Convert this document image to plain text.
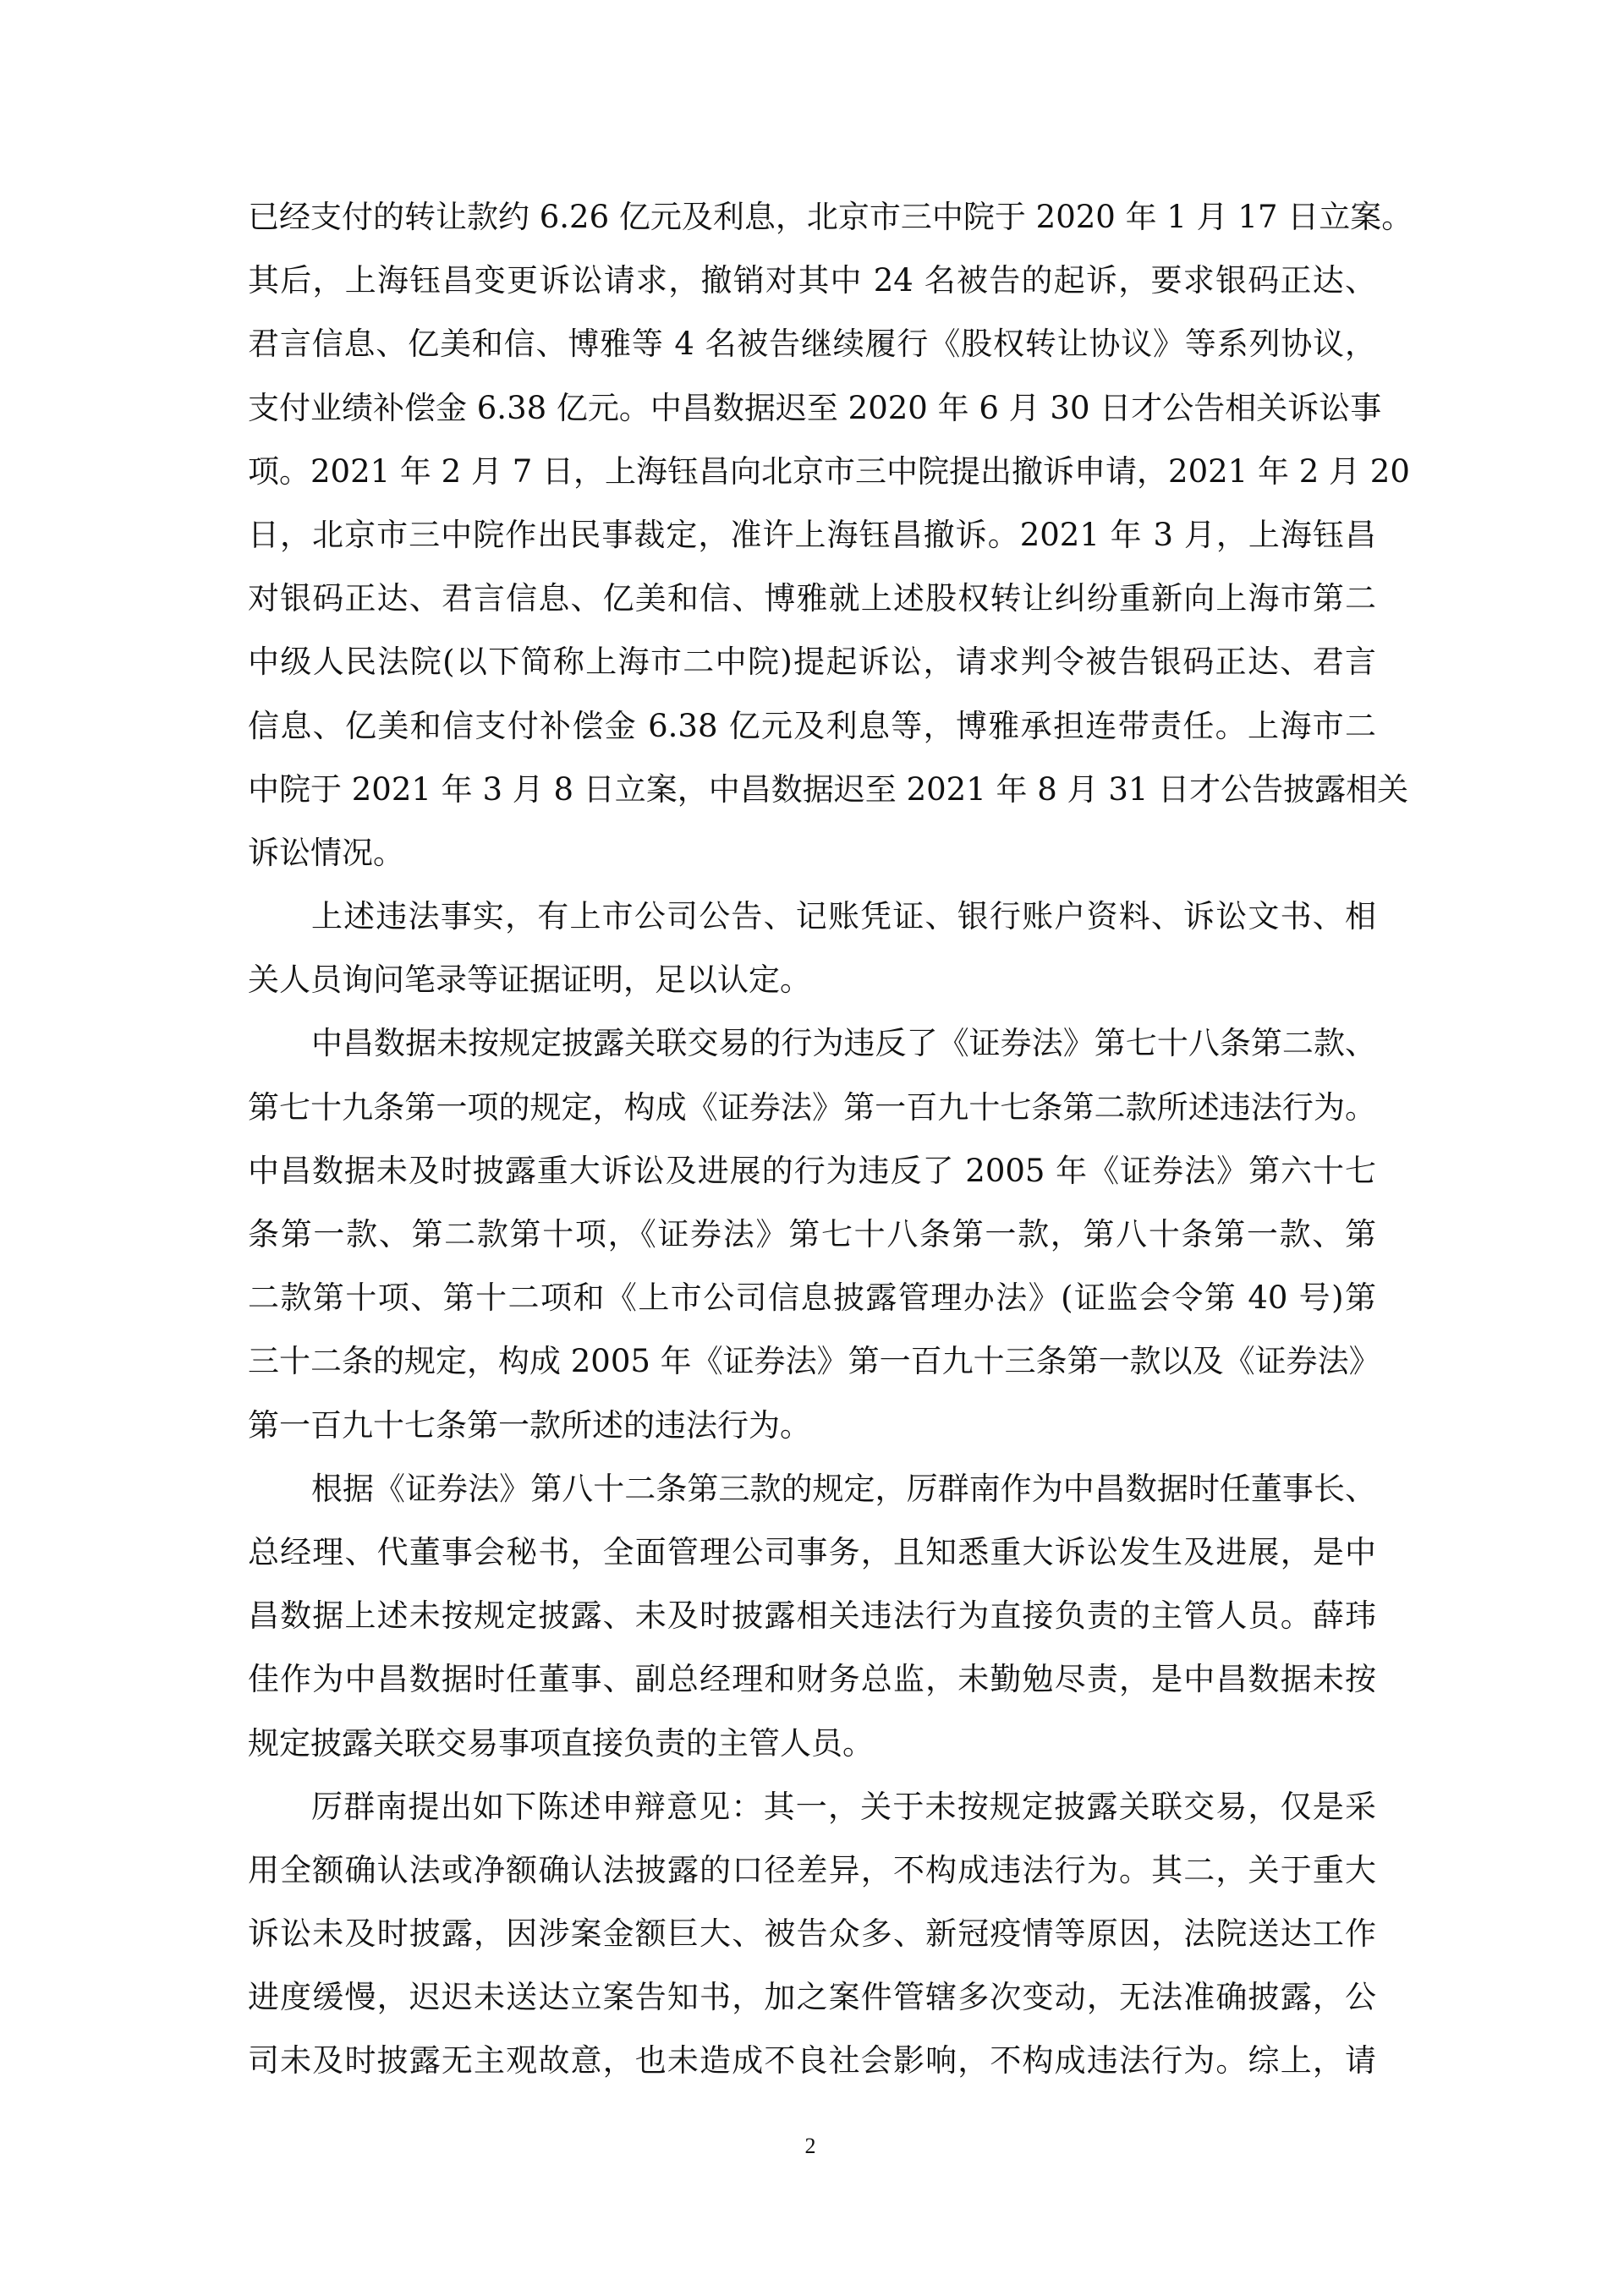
已经支付的转让款约 6.26 亿元及利息，北京市三中院于 2020 年 1 月 17 日立案。
其后，上海钰昌变更诉讼请求，撤销对其中 24 名被告的起诉，要求银码正达、
君言信息、亿美和信、博雅等 4 名被告继续履行《股权转让协议》等系列协议，
支付业绩补偿金 6.38 亿元。中昌数据迟至 2020 年 6 月 30 日才公告相关诉讼事
项。2021 年 2 月 7 日，上海钰昌向北京市三中院提出撤诉申请，2021 年 2 月 20
日，北京市三中院作出民事裁定，准许上海钰昌撤诉。2021 年 3 月，上海钰昌
对银码正达、君言信息、亿美和信、博雅就上述股权转让纠纷重新向上海市第二
中级人民法院(以下简称上海市二中院)提起诉讼，请求判令被告银码正达、君言
信息、亿美和信支付补偿金 6.38 亿元及利息等，博雅承担连带责任。上海市二
中院于 2021 年 3 月 8 日立案，中昌数据迟至 2021 年 8 月 31 日才公告披露相关
诉讼情况。
上述违法事实，有上市公司公告、记账凭证、银行账户资料、诉讼文书、相
关人员询问笔录等证据证明，足以认定。
中昌数据未按规定披露关联交易的行为违反了《证券法》第七十八条第二款、
第七十九条第一项的规定，构成《证券法》第一百九十七条第二款所述违法行为。
中昌数据未及时披露重大诉讼及进展的行为违反了 2005 年《证券法》第六十七
条第一款、第二款第十项，《证券法》第七十八条第一款，第八十条第一款、第
二款第十项、第十二项和《上市公司信息披露管理办法》(证监会令第 40 号)第
三十二条的规定，构成 2005 年《证券法》第一百九十三条第一款以及《证券法》
第一百九十七条第一款所述的违法行为。
根据《证券法》第八十二条第三款的规定，厉群南作为中昌数据时任董事长、
总经理、代董事会秘书，全面管理公司事务，且知悉重大诉讼发生及进展，是中
昌数据上述未按规定披露、未及时披露相关违法行为直接负责的主管人员。薛玮
佳作为中昌数据时任董事、副总经理和财务总监，未勤勉尽责，是中昌数据未按
规定披露关联交易事项直接负责的主管人员。
厉群南提出如下陈述申辩意见：其一，关于未按规定披露关联交易，仅是采
用全额确认法或净额确认法披露的口径差异，不构成违法行为。其二，关于重大
诉讼未及时披露，因涉案金额巨大、被告众多、新冠疫情等原因，法院送达工作
进度缓慢，迟迟未送达立案告知书，加之案件管辖多次变动，无法准确披露，公
司未及时披露无主观故意，也未造成不良社会影响，不构成违法行为。综上，请
2
